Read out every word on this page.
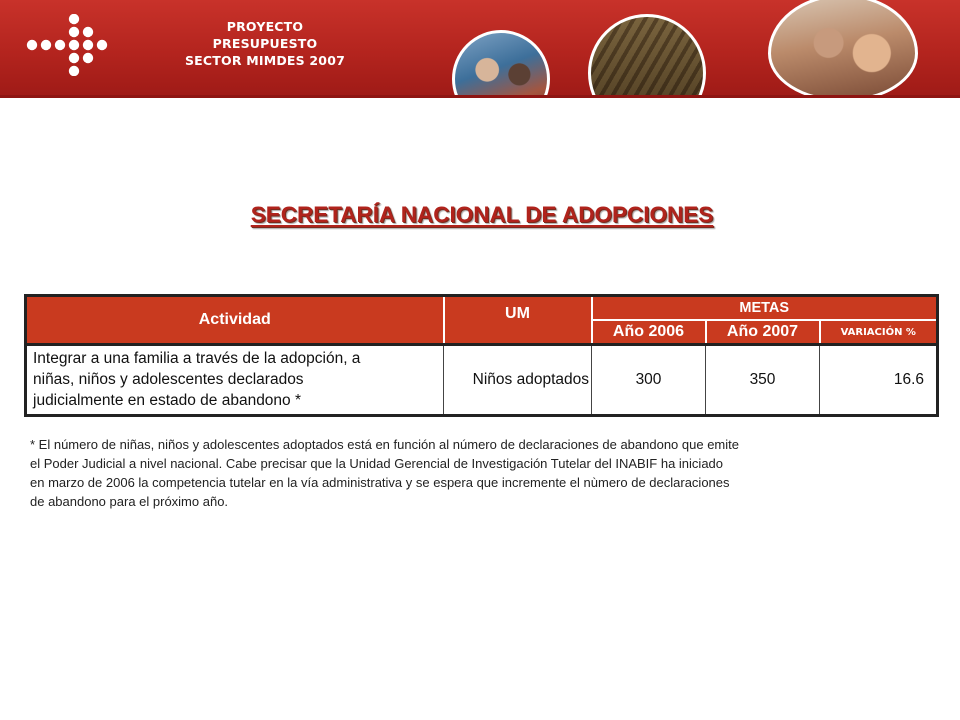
PROYECTO
PRESUPUESTO
SECTOR MIMDES 2007
SECRETARÍA NACIONAL DE ADOPCIONES
Actividad	UM	METAS		
		Año 2006	Año 2007	VARIACIÓN %

Integrar a una familia a través de la adopción, a
niñas, niños y adolescentes declarados
judicialmente en estado de abandono *	Niños adoptados	300	350	16.6
* El número de niñas, niños y adolescentes adoptados está en función al número de declaraciones de abandono que emite
el Poder Judicial a nivel nacional. Cabe precisar que la Unidad Gerencial de Investigación Tutelar del INABIF ha iniciado
en marzo de 2006 la competencia tutelar en la vía administrativa y se espera que incremente el nùmero de declaraciones
de abandono para el próximo año.
